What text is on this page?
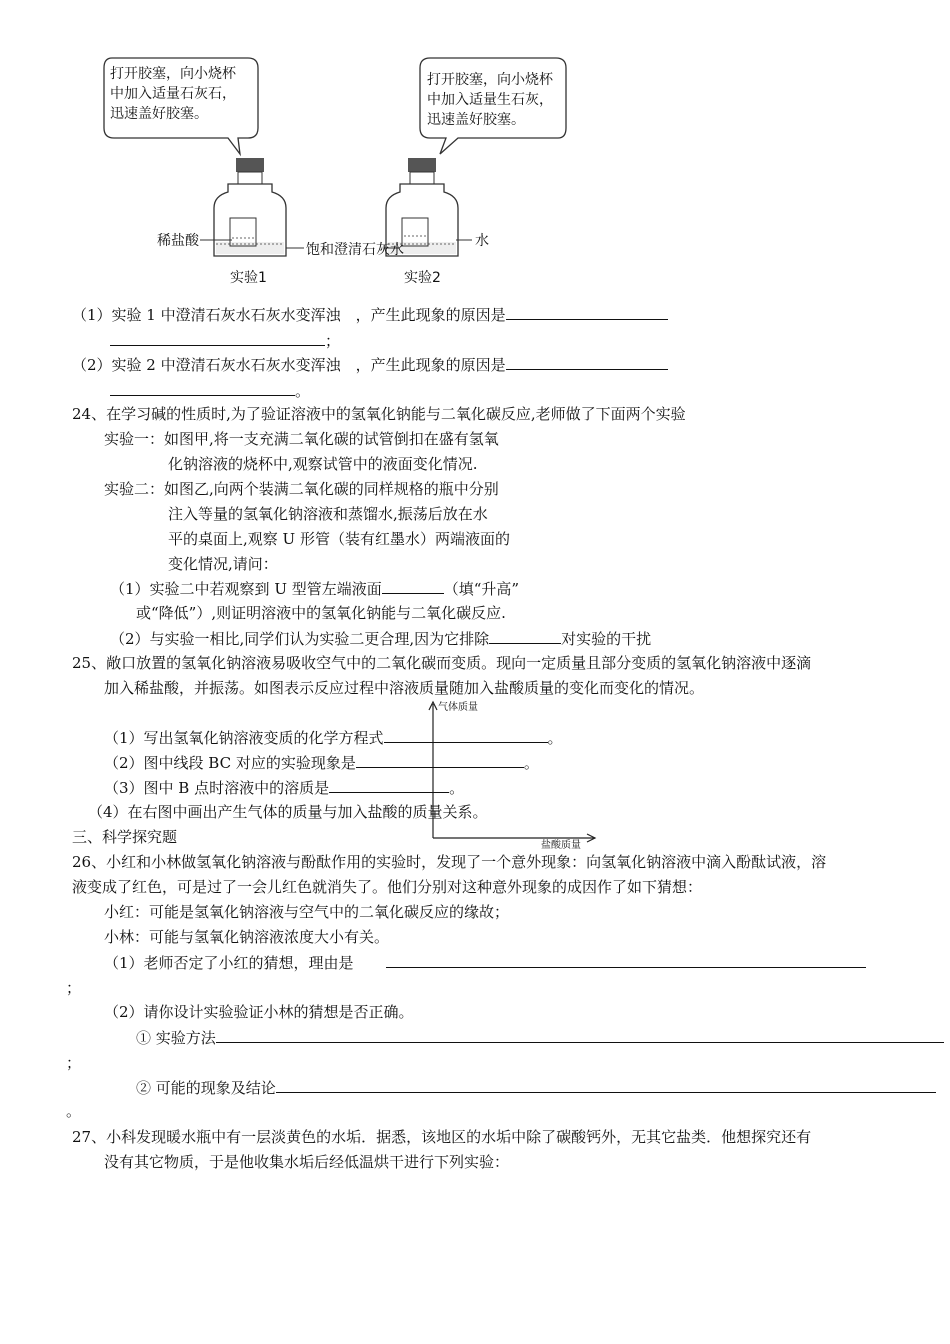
打开胶塞，向小烧杯
中加入适量石灰石，
迅速盖好胶塞。
打开胶塞，向小烧杯
中加入适量生石灰，
迅速盖好胶塞。
稀盐酸
饱和澄清石灰水
水
实验1	实验2
（1）实验 1 中澄清石灰水石灰水变浑浊　，产生此现象的原因是
；
（2）实验 2 中澄清石灰水石灰水变浑浊　，产生此现象的原因是
。
24、在学习碱的性质时,为了验证溶液中的氢氧化钠能与二氧化碳反应,老师做了下面两个实验
实验一：如图甲,将一支充满二氧化碳的试管倒扣在盛有氢氧
化钠溶液的烧杯中,观察试管中的液面变化情况.
实验二：如图乙,向两个装满二氧化碳的同样规格的瓶中分别
注入等量的氢氧化钠溶液和蒸馏水,振荡后放在水
平的桌面上,观察 U 形管（装有红墨水）两端液面的
变化情况,请问：
（1）实验二中若观察到 U 型管左端液面	（填“升高”
或“降低”）,则证明溶液中的氢氧化钠能与二氧化碳反应.
（2）与实验一相比,同学们认为实验二更合理,因为它排除	对实验的干扰
25、敞口放置的氢氧化钠溶液易吸收空气中的二氧化碳而变质。现向一定质量且部分变质的氢氧化钠溶液中逐滴
加入稀盐酸，并振荡。如图表示反应过程中溶液质量随加入盐酸质量的变化而变化的情况。
气体质量
盐酸质量
（1）写出氢氧化钠溶液变质的化学方程式	。
（2）图中线段 BC 对应的实验现象是	。
（3）图中 B 点时溶液中的溶质是	。
（4）在右图中画出产生气体的质量与加入盐酸的质量关系。
三、科学探究题
26、小红和小林做氢氧化钠溶液与酚酞作用的实验时，发现了一个意外现象：向氢氧化钠溶液中滴入酚酞试液，溶
液变成了红色，可是过了一会儿红色就消失了。他们分别对这种意外现象的成因作了如下猜想：
小红：可能是氢氧化钠溶液与空气中的二氧化碳反应的缘故；
小林：可能与氢氧化钠溶液浓度大小有关。
（1）老师否定了小红的猜想，理由是
；
（2）请你设计实验验证小林的猜想是否正确。
① 实验方法
；
② 可能的现象及结论
。
27、小科发现暖水瓶中有一层淡黄色的水垢．据悉，该地区的水垢中除了碳酸钙外，无其它盐类．他想探究还有
没有其它物质，于是他收集水垢后经低温烘干进行下列实验：
